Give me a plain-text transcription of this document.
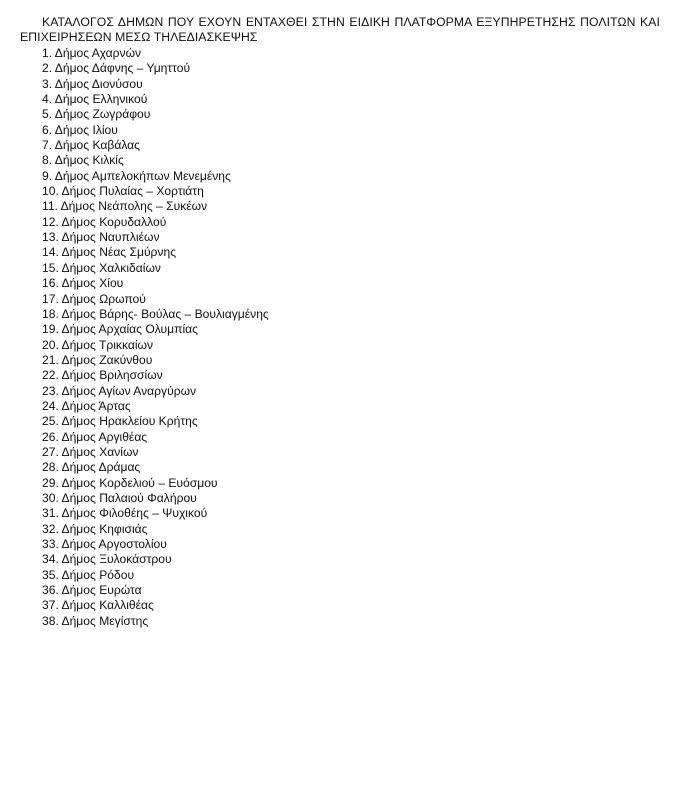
ΚΑΤΑΛΟΓΟΣ ΔΗΜΩΝ ΠΟΥ ΕΧΟΥΝ ΕΝΤΑΧΘΕΙ ΣΤΗΝ ΕΙΔΙΚΗ ΠΛΑΤΦΟΡΜΑ ΕΞΥΠΗΡΕΤΗΣΗΣ ΠΟΛΙΤΩΝ ΚΑΙ ΕΠΙΧΕΙΡΗΣΕΩΝ ΜΕΣΩ ΤΗΛΕΔΙΑΣΚΕΨΗΣ
1. Δήμος Αχαρνών
2. Δήμος Δάφνης – Υμηττού
3. Δήμος Διονύσου
4. Δήμος Ελληνικού
5. Δήμος Ζωγράφου
6. Δήμος Ιλίου
7. Δήμος Καβάλας
8. Δήμος Κιλκίς
9. Δήμος Αμπελοκήπων Μενεμένης
10. Δήμος Πυλαίας – Χορτιάτη
11. Δήμος Νεάπολης – Συκέων
12. Δήμος Κορυδαλλού
13. Δήμος Ναυπλιέων
14. Δήμος Νέας Σμύρνης
15. Δήμος Χαλκιδαίων
16. Δήμος Χίου
17. Δήμος Ωρωπού
18. Δήμος Βάρης- Βούλας – Βουλιαγμένης
19. Δήμος Αρχαίας Ολυμπίας
20. Δήμος Τρικκαίων
21. Δήμος Ζακύνθου
22. Δήμος Βριλησσίων
23. Δήμος Αγίων Αναργύρων
24. Δήμος Άρτας
25. Δήμος Ηρακλείου Κρήτης
26. Δήμος Αργιθέας
27. Δήμος Χανίων
28. Δήμος Δράμας
29. Δήμος Κορδελιού – Ευόσμου
30. Δήμος Παλαιού Φαλήρου
31. Δήμος Φιλοθέης – Ψυχικού
32. Δήμος Κηφισιάς
33. Δήμος Αργοστολίου
34. Δήμος Ξυλοκάστρου
35. Δήμος Ρόδου
36. Δήμος Ευρώτα
37. Δήμος Καλλιθέας
38. Δήμος Μεγίστης
